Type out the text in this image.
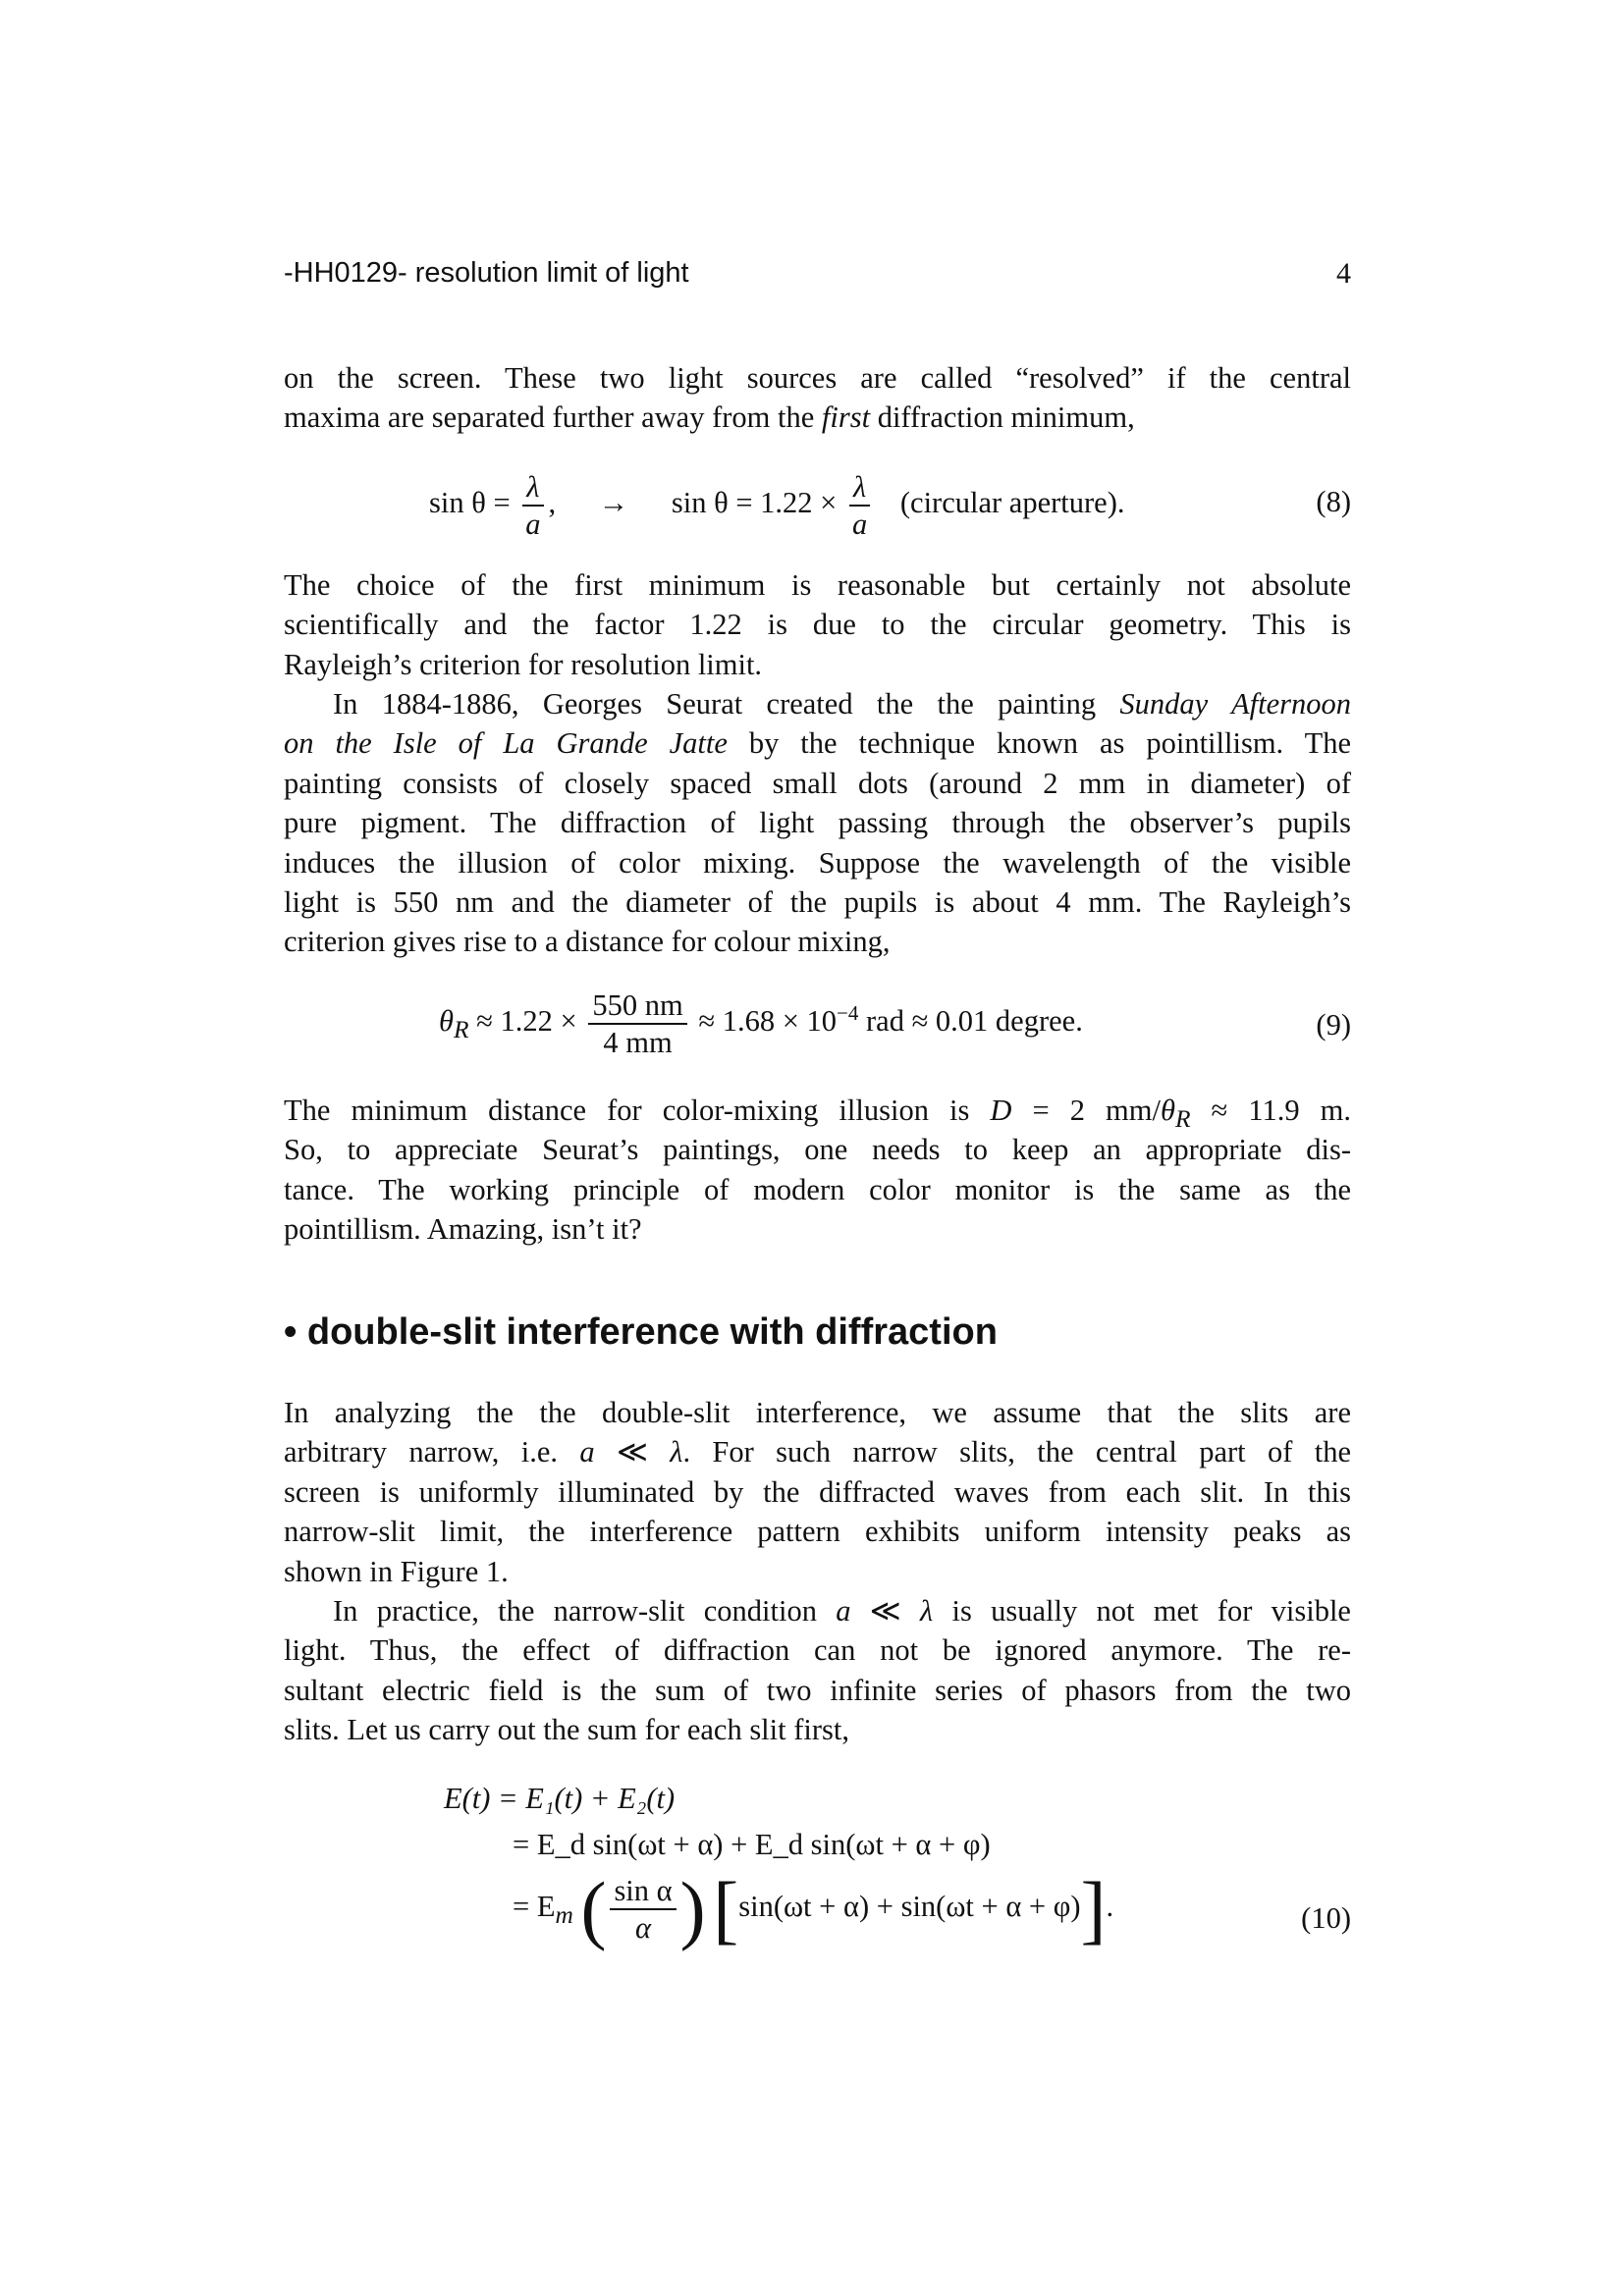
-HH0129- resolution limit of light	4
on the screen. These two light sources are called “resolved” if the central
maxima are separated further away from the first diffraction minimum,
$\sin \theta = \frac{\lambda}{a}$ , → $\sin \theta = 1.22 \times \frac{\lambda}{a}$ (circular aperture).	(8)
The choice of the first minimum is reasonable but certainly not absolute
scientifically and the factor 1.22 is due to the circular geometry. This is
Rayleigh’s criterion for resolution limit.
In 1884-1886, Georges Seurat created the the painting Sunday Afternoon
on the Isle of La Grande Jatte by the technique known as pointillism. The
painting consists of closely spaced small dots (around 2 mm in diameter) of
pure pigment. The diffraction of light passing through the observer’s pupils
induces the illusion of color mixing. Suppose the wavelength of the visible
light is 550 nm and the diameter of the pupils is about 4 mm. The Rayleigh’s
criterion gives rise to a distance for colour mixing,
$\theta_R \approx 1.22 \times \frac{550 nm}{4 mm} \approx 1.68 \times 10^{-4}$ rad ≈ 0.01 degree.	(9)
The minimum distance for color-mixing illusion is D = 2 $mm/\theta_R \approx 11.9$ m.
So, to appreciate Seurat’s paintings, one needs to keep an appropriate dis-
tance. The working principle of modern color monitor is the same as the
pointillism. Amazing, isn’t it?
• double-slit interference with diffraction
In analyzing the the double-slit interference, we assume that the slits are
arbitrary narrow, i.e. a ≪ λ. For such narrow slits, the central part of the
screen is uniformly illuminated by the diffracted waves from each slit. In this
narrow-slit limit, the interference pattern exhibits uniform intensity peaks as
shown in Figure 1.
In practice, the narrow-slit condition a ≪ λ is usually not met for visible
light. Thus, the effect of diffraction can not be ignored anymore. The re-
sultant electric field is the sum of two infinite series of phasors from the two
slits. Let us carry out the sum for each slit first,
E(t) = E₁(t) + E₂(t)
= E_d sin(ωt + α) + E_d sin(ωt + α + φ)
= $E_m$ ( $\frac{\text{sin α}}{\alpha}$ ) [sin(ωt + α) + sin(ωt + α + φ)].	(10)
